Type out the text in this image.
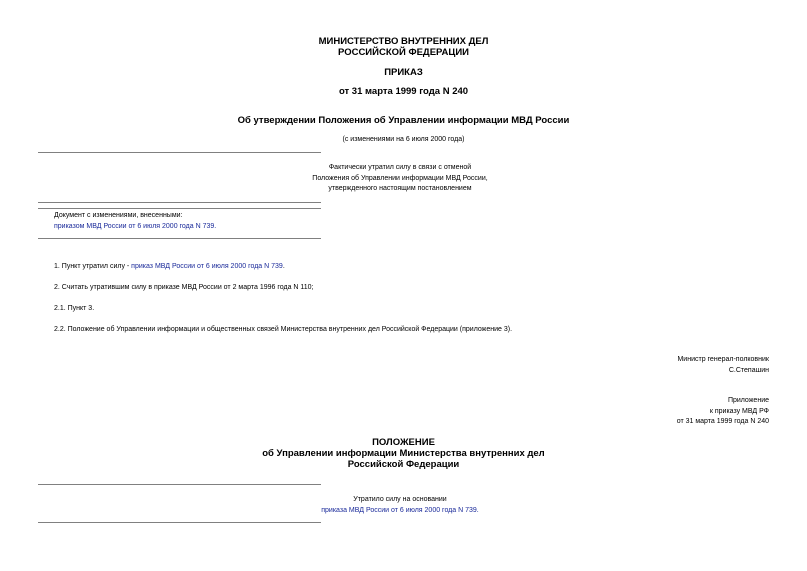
МИНИСТЕРСТВО ВНУТРЕННИХ ДЕЛ
РОССИЙСКОЙ ФЕДЕРАЦИИ
ПРИКАЗ
от 31 марта 1999 года N 240
Об утверждении Положения об Управлении информации МВД России
(с изменениями на 6 июля 2000 года)
Фактически утратил силу в связи с отменой
Положения об Управлении информации МВД России,
утвержденного настоящим постановлением
Документ с изменениями, внесенными:
приказом МВД России от 6 июля 2000 года N 739.
1. Пункт утратил силу - приказ МВД России от 6 июля 2000 года N 739.
2. Считать утратившим силу в приказе МВД России от 2 марта 1996 года N 110;
2.1. Пункт 3.
2.2. Положение об Управлении информации и общественных связей Министерства внутренних дел Российской Федерации (приложение 3).
Министр генерал-полковник
С.Степашин
Приложение
к приказу МВД РФ
от 31 марта 1999 года N 240
ПОЛОЖЕНИЕ
об Управлении информации Министерства внутренних дел
Российской Федерации
Утратило силу на основании
приказа МВД России от 6 июля 2000 года N 739.
